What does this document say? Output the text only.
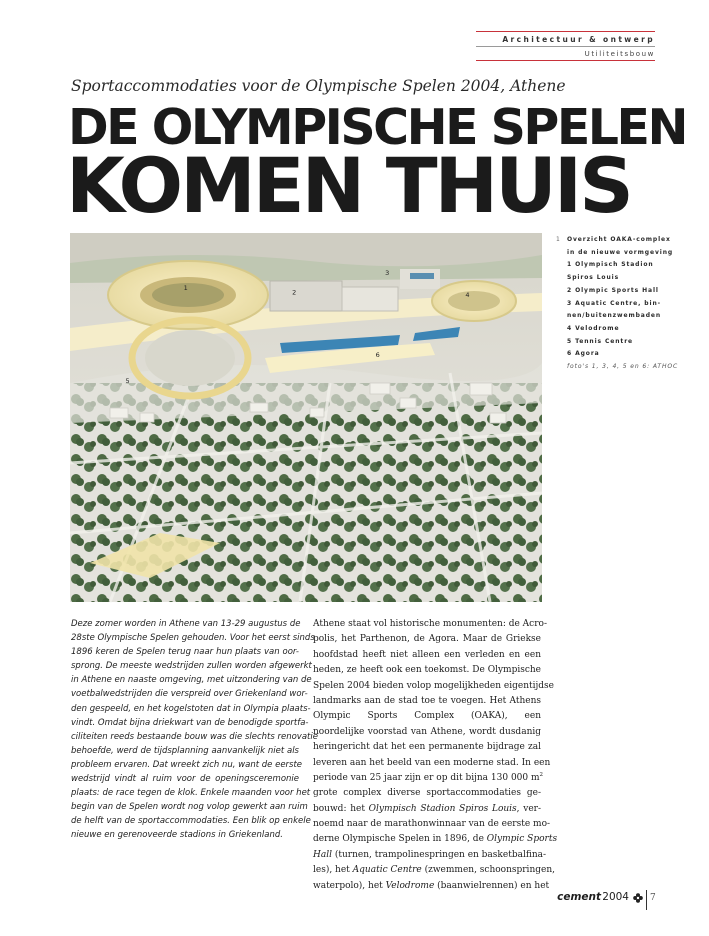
Architectuur & ontwerp
Utiliteitsbouw
Sportaccommodaties voor de Olympische Spelen 2004, Athene
DE OLYMPISCHE SPELEN
KOMEN THUIS
1
2
3
4
5
6
1	Overzicht OAKA-complex
in de nieuwe vormgeving
1 Olympisch Stadion
Spiros Louis
2 Olympic Sports Hall
3 Aquatic Centre, bin-
nen/buitenzwembaden
4 Velodrome
5 Tennis Centre
6 Agora
foto's 1, 3, 4, 5 en 6: ATHOC
Deze zomer worden in Athene van 13-29 augustus de
28ste Olympische Spelen gehouden. Voor het eerst sinds
1896 keren de Spelen terug naar hun plaats van oor-
sprong. De meeste wedstrijden zullen worden afgewerkt
in Athene en naaste omgeving, met uitzondering van de
voetbalwedstrijden die verspreid over Griekenland wor-
den gespeeld, en het kogelstoten dat in Olympia plaats-
vindt. Omdat bijna driekwart van de benodigde sportfa-
ciliteiten reeds bestaande bouw was die slechts renovatie
behoefde, werd de tijdsplanning aanvankelijk niet als
probleem ervaren. Dat wreekt zich nu, want de eerste
wedstrijd vindt al ruim voor de openingsceremonie
plaats: de race tegen de klok. Enkele maanden voor het
begin van de Spelen wordt nog volop gewerkt aan ruim
de helft van de sportaccommodaties. Een blik op enkele
nieuwe en gerenoveerde stadions in Griekenland.
Athene staat vol historische monumenten: de Acro-
polis, het Parthenon, de Agora. Maar de Griekse
hoofdstad heeft niet alleen een verleden en een
heden, ze heeft ook een toekomst. De Olympische
Spelen 2004 bieden volop mogelijkheden eigentijdse
landmarks aan de stad toe te voegen. Het Athens
Olympic Sports Complex (OAKA), een
noordelijke voorstad van Athene, wordt dusdanig
heringericht dat het een permanente bijdrage zal
leveren aan het beeld van een moderne stad. In een
periode van 25 jaar zijn er op dit bijna 130 000 $m^2$
grote complex diverse sportaccommodaties ge-
bouwd: het Olympisch Stadion Spiros Louis, ver-
noemd naar de marathonwinnaar van de eerste mo-
derne Olympische Spelen in 1896, de Olympic Sports
Hall (turnen, trampolinespringen en basketbalfina-
les), het Aquatic Centre (zwemmen, schoonspringen,
waterpolo), het Velodrome (baanwielrennen) en het
cement 2004 7
